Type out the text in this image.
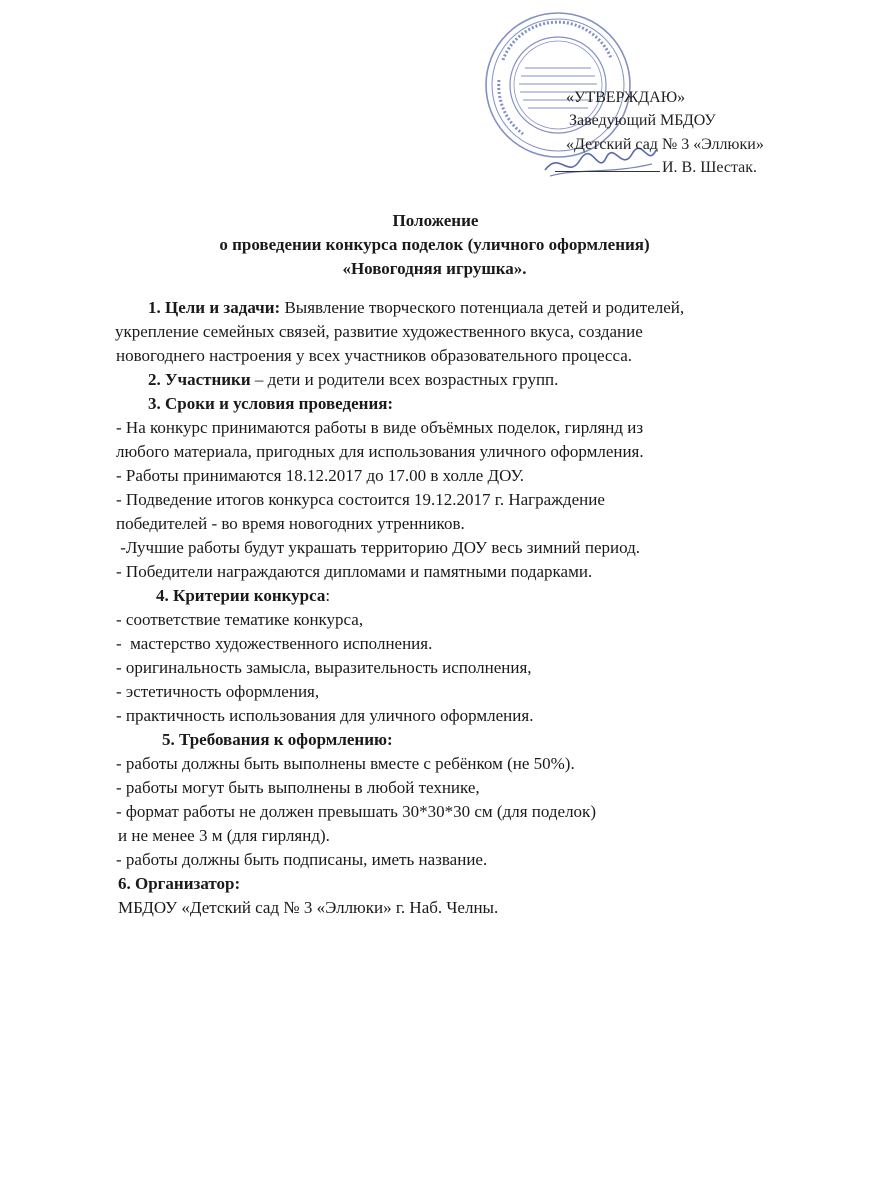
«УТВЕРЖДАЮ»
Заведующий МБДОУ
«Детский сад № 3 «Эллюки»
И. В. Шестак.
Положение
о проведении конкурса поделок (уличного оформления)
«Новогодняя игрушка».

1. Цели и задачи: Выявление творческого потенциала детей и родителей,

укрепление семейных связей, развитие художественного вкуса, создание

новогоднего настроения у всех участников образовательного процесса.

2. Участники – дети и родители всех возрастных групп.

3. Сроки и условия проведения:

- На конкурс принимаются работы в виде объёмных поделок, гирлянд из

любого материала, пригодных для использования уличного оформления.

- Работы принимаются 18.12.2017 до 17.00 в холле ДОУ.

- Подведение итогов конкурса состоится 19.12.2017 г. Награждение

победителей - во время новогодних утренников.

-Лучшие работы будут украшать территорию ДОУ весь зимний период.

- Победители награждаются дипломами и памятными подарками.

4. Критерии конкурса:

- соответствие тематике конкурса,

-  мастерство художественного исполнения.

- оригинальность замысла, выразительность исполнения,

- эстетичность оформления,

- практичность использования для уличного оформления.

5. Требования к оформлению:

- работы должны быть выполнены вместе с ребёнком (не 50%).

- работы могут быть выполнены в любой технике,

- формат работы не должен превышать 30*30*30 см (для поделок)

и не менее 3 м (для гирлянд).

- работы должны быть подписаны, иметь название.

6. Организатор:

МБДОУ «Детский сад № 3 «Эллюки» г. Наб. Челны.
